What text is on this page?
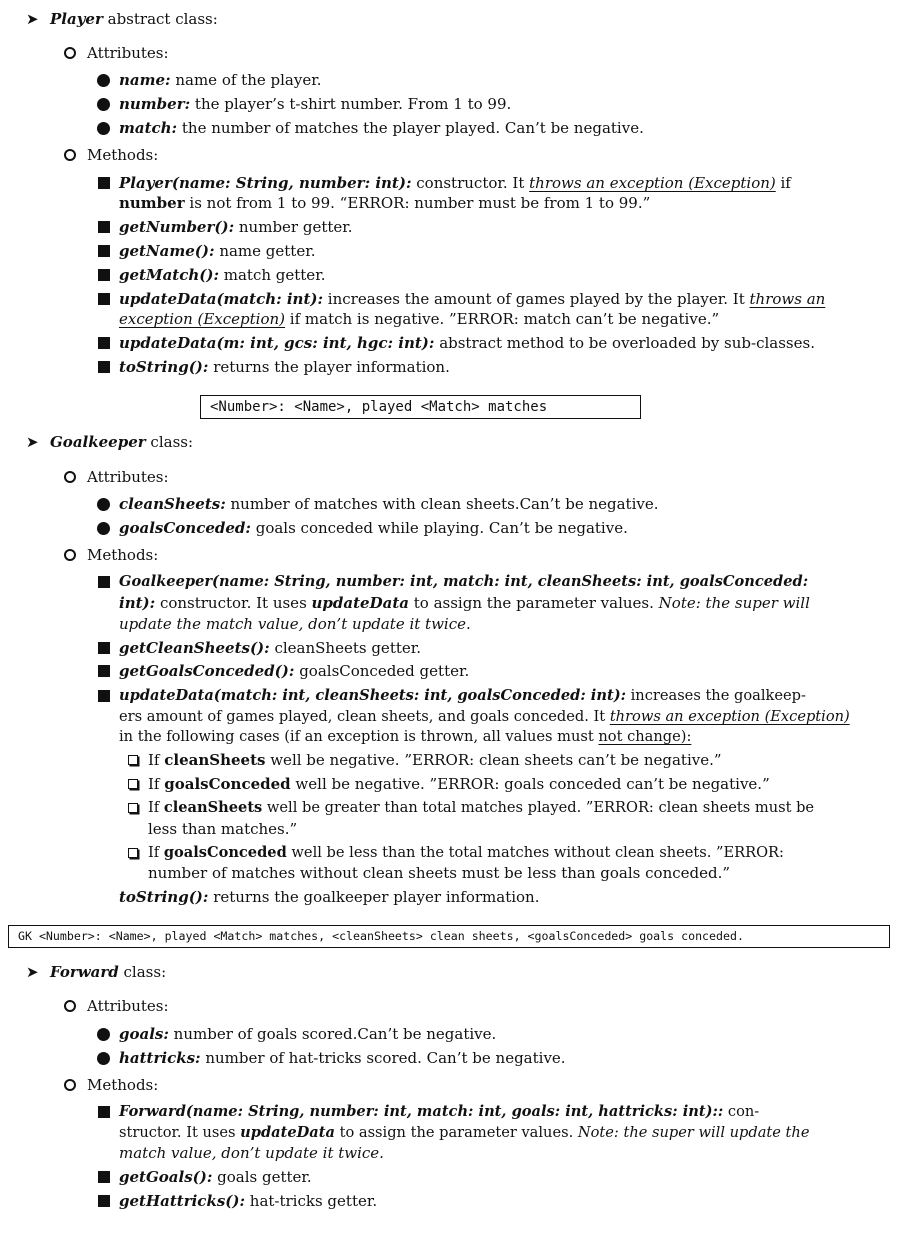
➤ Player abstract class:
Attributes:
name: name of the player.
number: the player’s t-shirt number. From 1 to 99.
match: the number of matches the player played. Can’t be negative.
Methods:
Player(name: String, number: int): constructor. It throws an exception (Exception) if
number is not from 1 to 99. “ERROR: number must be from 1 to 99.”
getNumber(): number getter.
getName(): name getter.
getMatch(): match getter.
updateData(match: int): increases the amount of games played by the player. It throws an
exception (Exception) if match is negative. ”ERROR: match can’t be negative.”
updateData(m: int, gcs: int, hgc: int): abstract method to be overloaded by sub-classes.
toString(): returns the player information.
<Number>: <Name>, played <Match> matches
➤ Goalkeeper class:
Attributes:
cleanSheets: number of matches with clean sheets.Can’t be negative.
goalsConceded: goals conceded while playing. Can’t be negative.
Methods:
Goalkeeper(name: String, number: int, match: int, cleanSheets: int, goalsConceded:
int): constructor. It uses updateData to assign the parameter values. Note: the super will
update the match value, don’t update it twice.
getCleanSheets(): cleanSheets getter.
getGoalsConceded(): goalsConceded getter.
updateData(match: int, cleanSheets: int, goalsConceded: int): increases the goalkeep-
ers amount of games played, clean sheets, and goals conceded. It throws an exception (Exception)
in the following cases (if an exception is thrown, all values must not change):
If cleanSheets well be negative. ”ERROR: clean sheets can’t be negative.”
If goalsConceded well be negative. ”ERROR: goals conceded can’t be negative.”
If cleanSheets well be greater than total matches played. ”ERROR: clean sheets must be
less than matches.”
If goalsConceded well be less than the total matches without clean sheets. ”ERROR:
number of matches without clean sheets must be less than goals conceded.”
toString(): returns the goalkeeper player information.
GK <Number>: <Name>, played <Match> matches, <cleanSheets> clean sheets, <goalsConceded> goals conceded.
➤ Forward class:
Attributes:
goals: number of goals scored.Can’t be negative.
hattricks: number of hat-tricks scored. Can’t be negative.
Methods:
Forward(name: String, number: int, match: int, goals: int, hattricks: int):: con-
structor. It uses updateData to assign the parameter values. Note: the super will update the
match value, don’t update it twice.
getGoals(): goals getter.
getHattricks(): hat-tricks getter.
